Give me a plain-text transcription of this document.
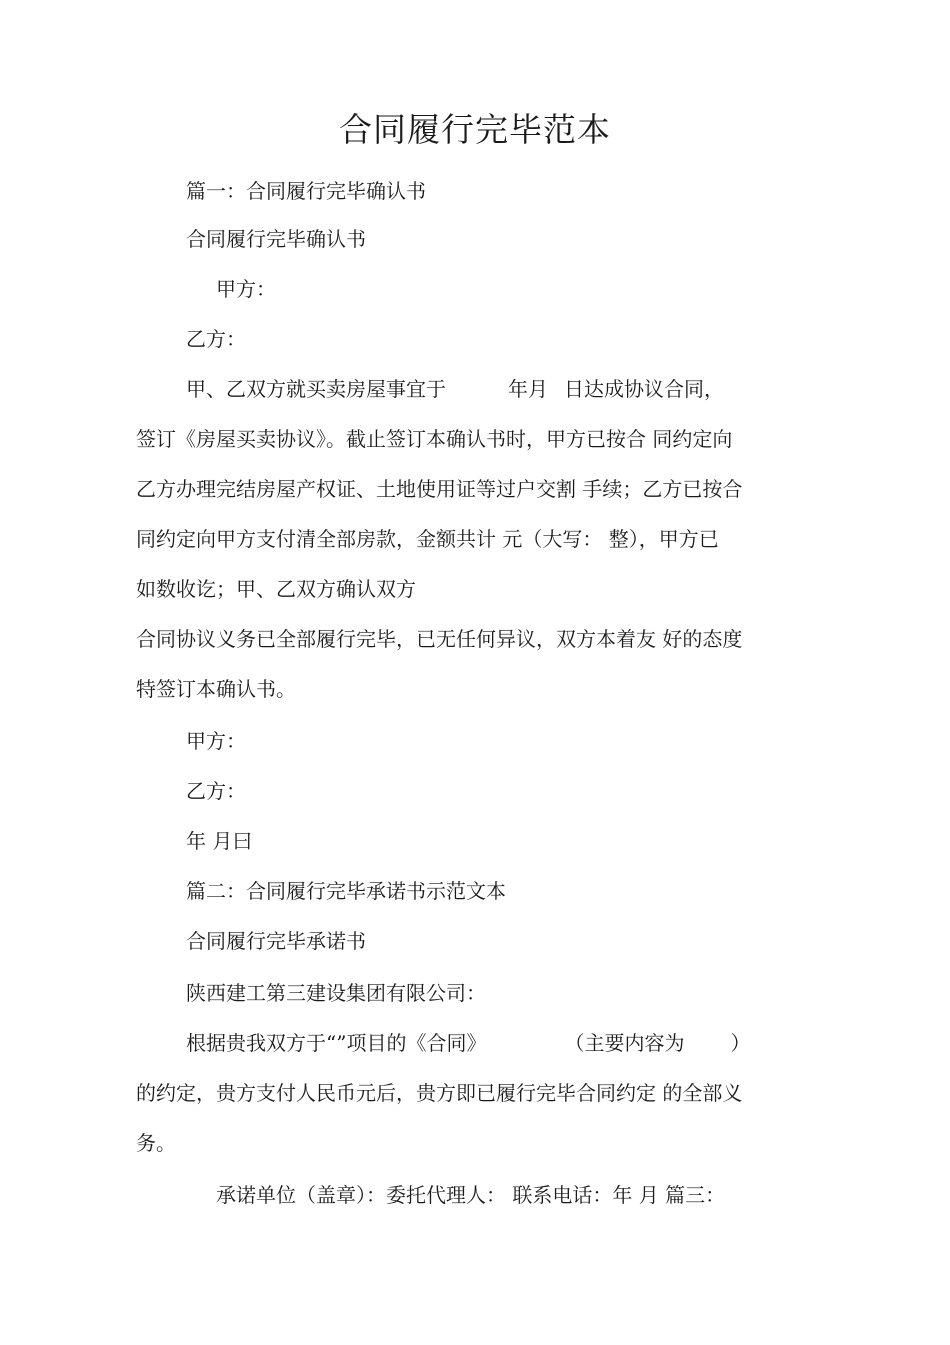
合同履行完毕范本
篇一：合同履行完毕确认书
合同履行完毕确认书
甲方：
乙方：
甲、乙双方就买卖房屋事宜于	年月 日达成协议合同，
签订《房屋买卖协议》。截止签订本确认书时，甲方已按合 同约定向
乙方办理完结房屋产权证、土地使用证等过户交割 手续；乙方已按合
同约定向甲方支付清全部房款，金额共计 元（大写： 整），甲方已
如数收讫；甲、乙双方确认双方
合同协议义务已全部履行完毕，已无任何异议，双方本着友 好的态度
特签订本确认书。
甲方：
乙方：
年 月曰
篇二：合同履行完毕承诺书示范文本
合同履行完毕承诺书
陕西建工第三建设集团有限公司：
根据贵我双方于“”项目的《合同》	（主要内容为 ）
的约定，贵方支付人民币元后，贵方即已履行完毕合同约定 的全部义
务。
承诺单位（盖章）：委托代理人： 联系电话：年 月 篇三：
